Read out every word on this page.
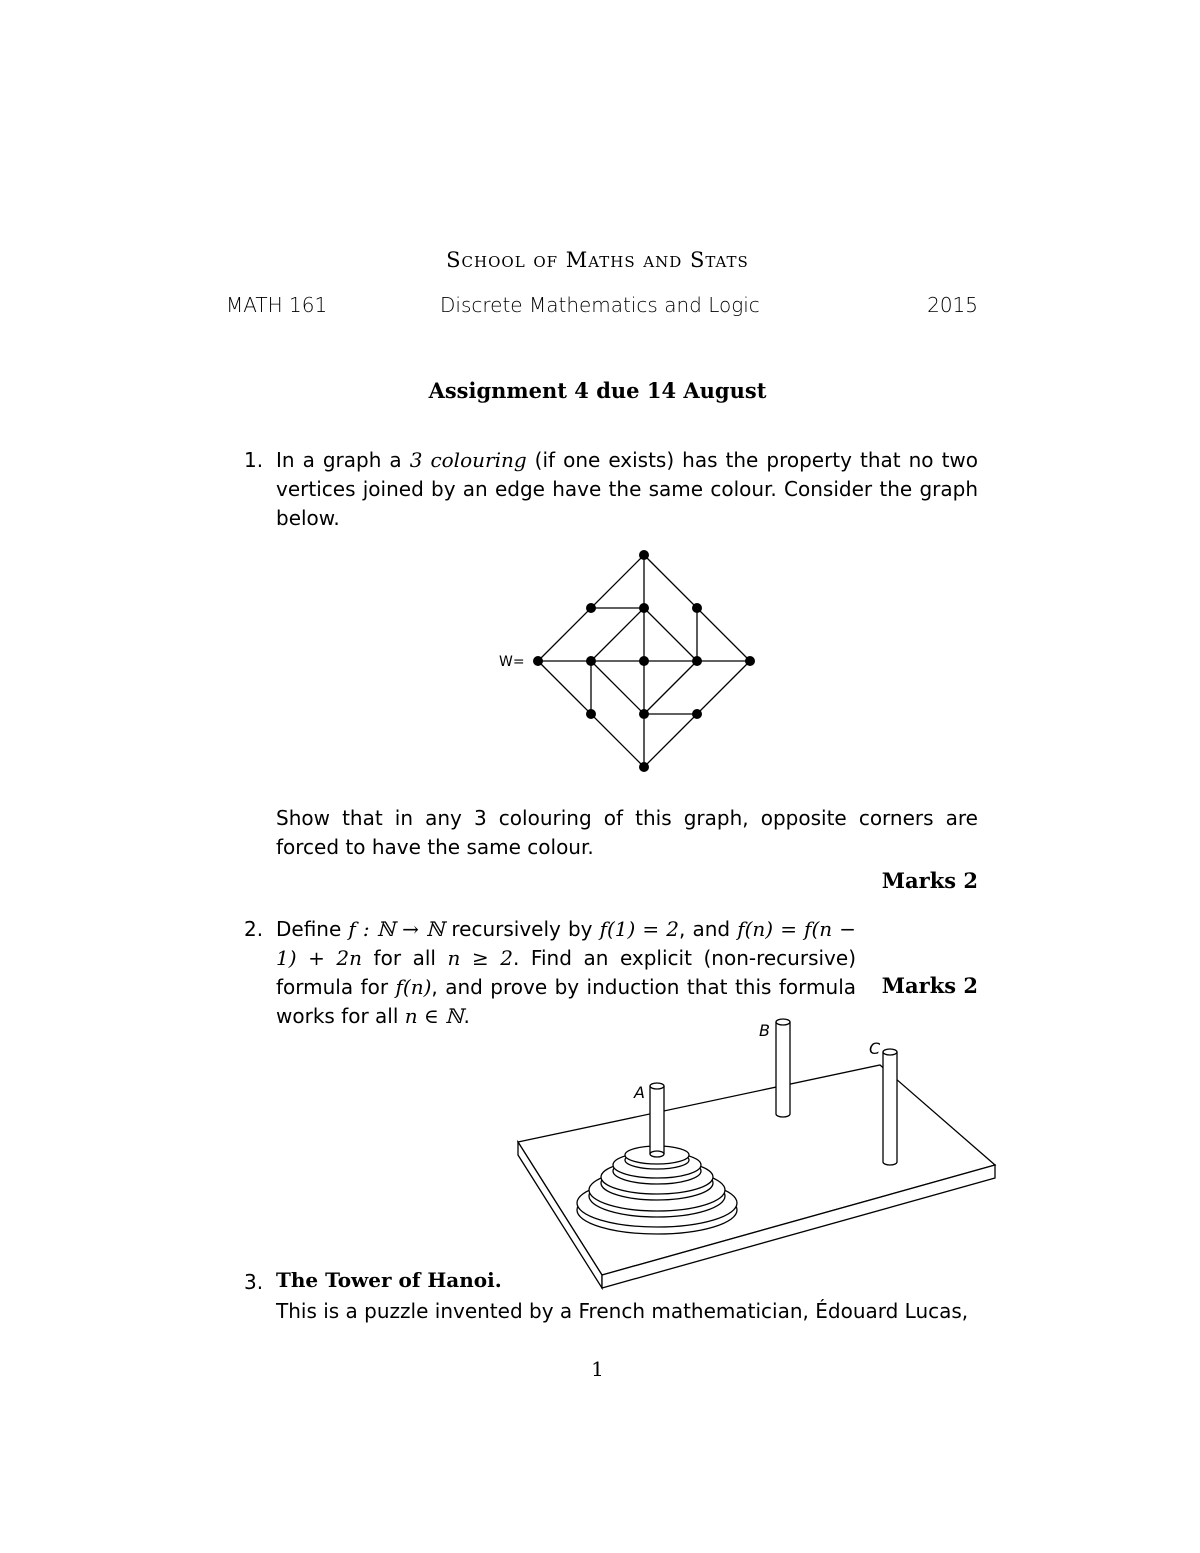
School of Maths and Stats
MATH 161	Discrete Mathematics and Logic	2015
Assignment 4 due 14 August
1. In a graph a 3 colouring (if one exists) has the property that no two vertices joined by an edge have the same colour. Consider the graph below.
W=
Show that in any 3 colouring of this graph, opposite corners are forced to have the same colour.
Marks 2
2. Define f : ℕ → ℕ recursively by f(1) = 2, and f(n) = f(n − 1) + 2n for all n ≥ 2. Find an explicit (non-recursive) formula for f(n), and prove by induction that this formula works for all n ∈ ℕ.
Marks 2
A
B
C
3. The Tower of Hanoi.
This is a puzzle invented by a French mathematician, Édouard Lucas,
1
